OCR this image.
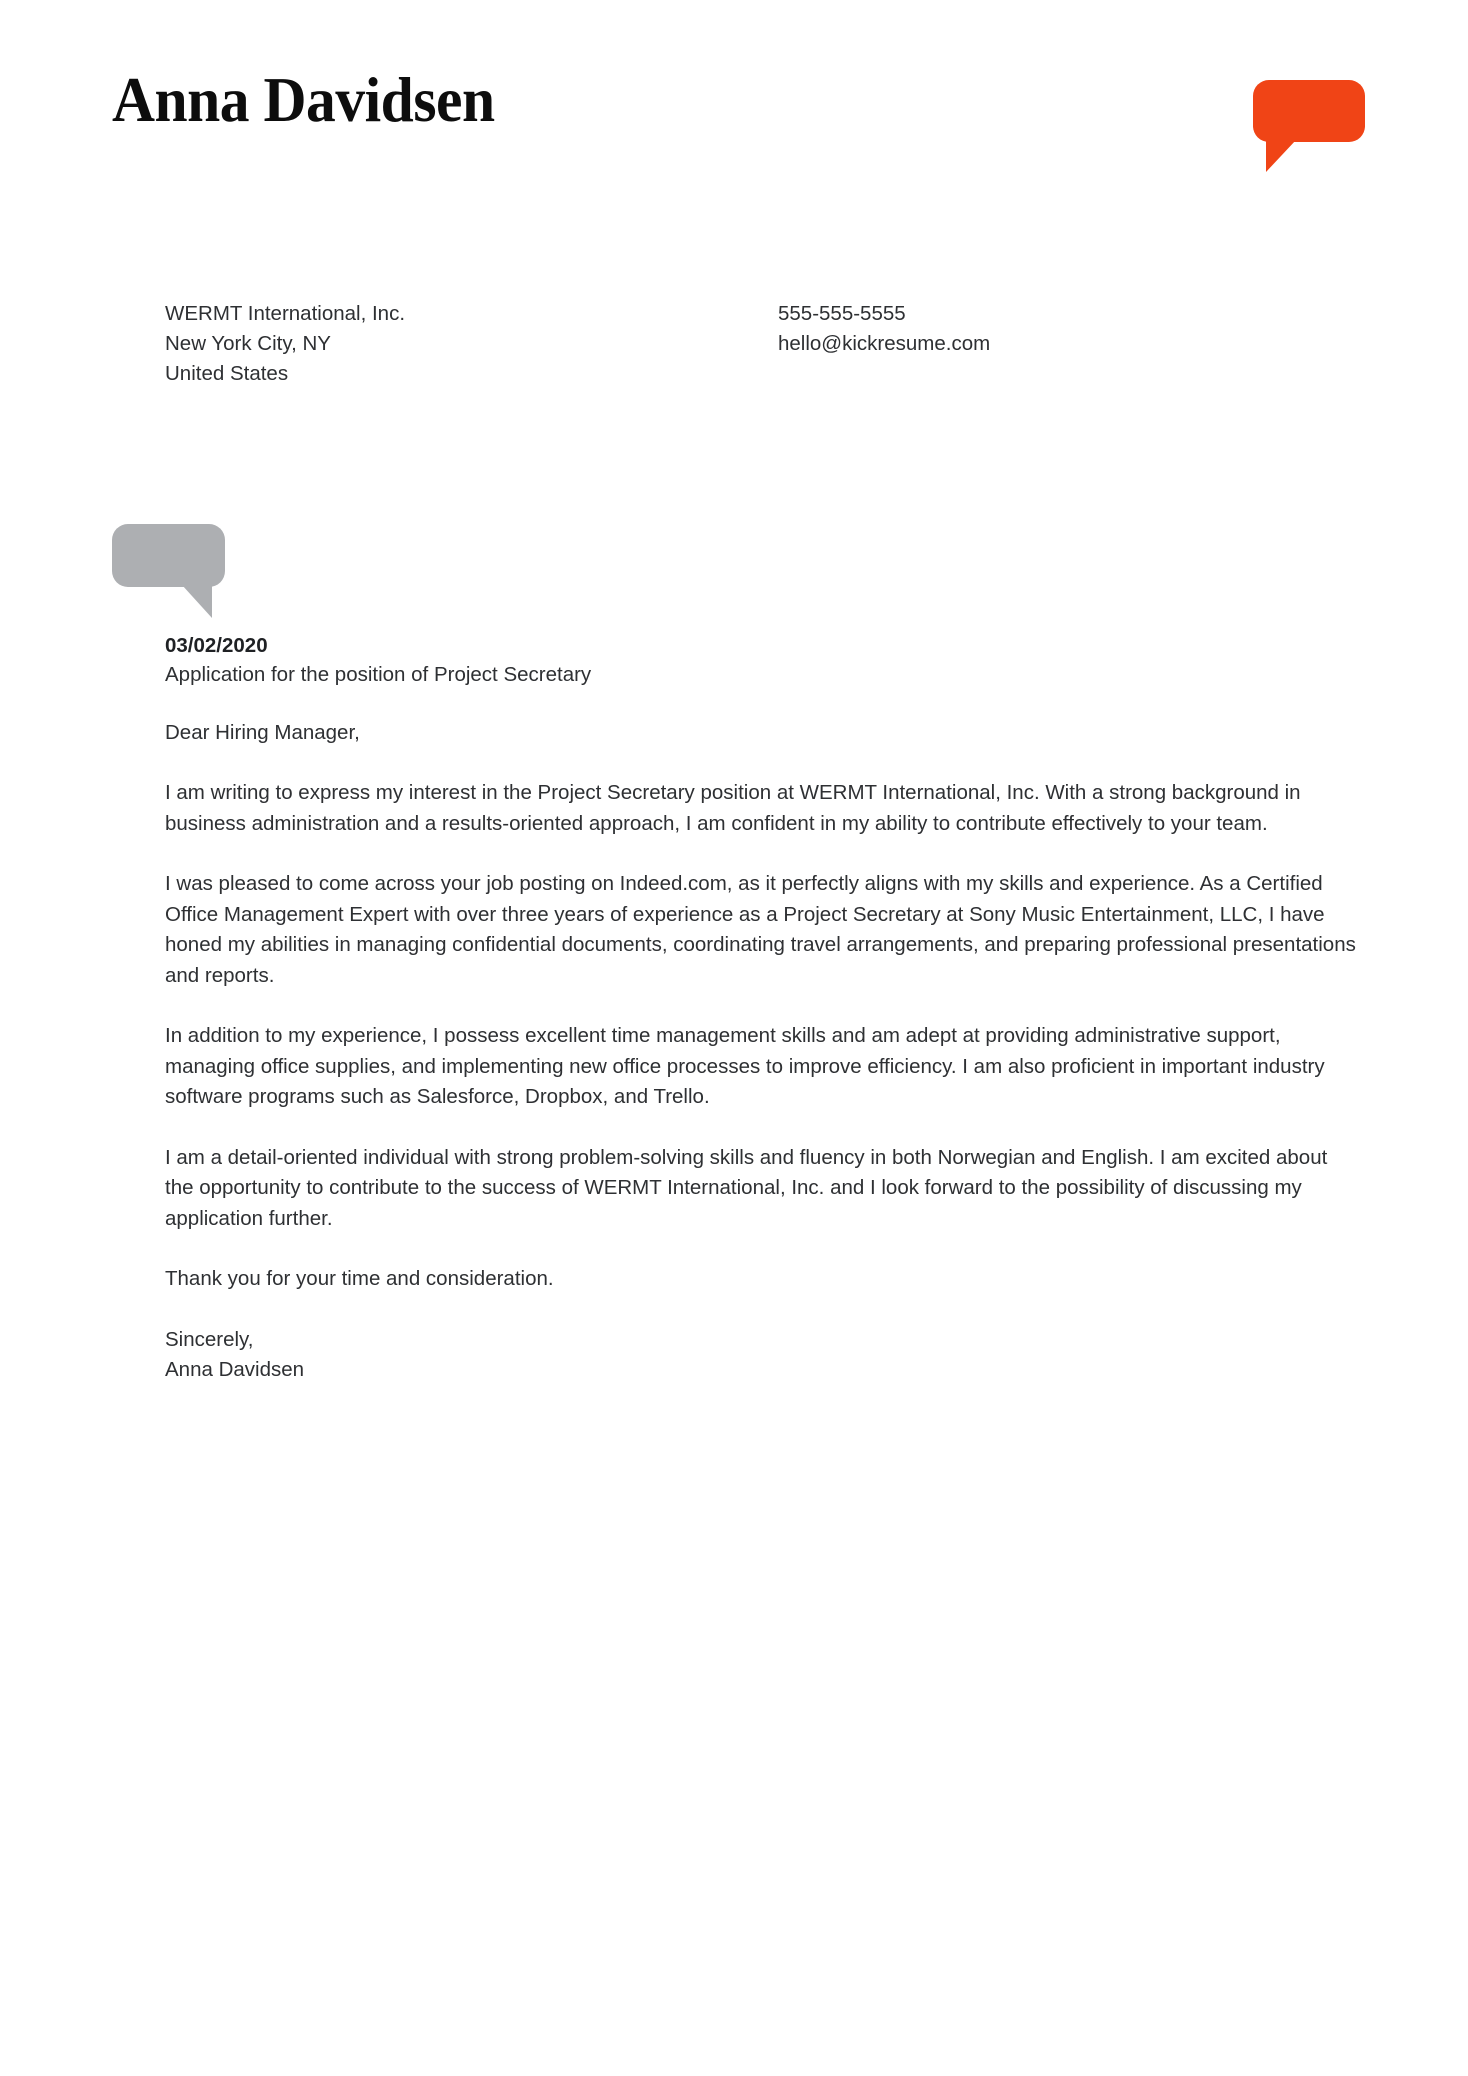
Anna Davidsen
WERMT International, Inc.
New York City, NY
United States
555-555-5555
hello@kickresume.com
03/02/2020
Application for the position of Project Secretary
Dear Hiring Manager,

I am writing to express my interest in the Project Secretary position at WERMT International, Inc. With a strong background in business administration and a results-oriented approach, I am confident in my ability to contribute effectively to your team.

I was pleased to come across your job posting on Indeed.com, as it perfectly aligns with my skills and experience. As a Certified Office Management Expert with over three years of experience as a Project Secretary at Sony Music Entertainment, LLC, I have honed my abilities in managing confidential documents, coordinating travel arrangements, and preparing professional presentations and reports.

In addition to my experience, I possess excellent time management skills and am adept at providing administrative support, managing office supplies, and implementing new office processes to improve efficiency. I am also proficient in important industry software programs such as Salesforce, Dropbox, and Trello.

I am a detail-oriented individual with strong problem-solving skills and fluency in both Norwegian and English. I am excited about the opportunity to contribute to the success of WERMT International, Inc. and I look forward to the possibility of discussing my application further.

Thank you for your time and consideration.

Sincerely,
Anna Davidsen
